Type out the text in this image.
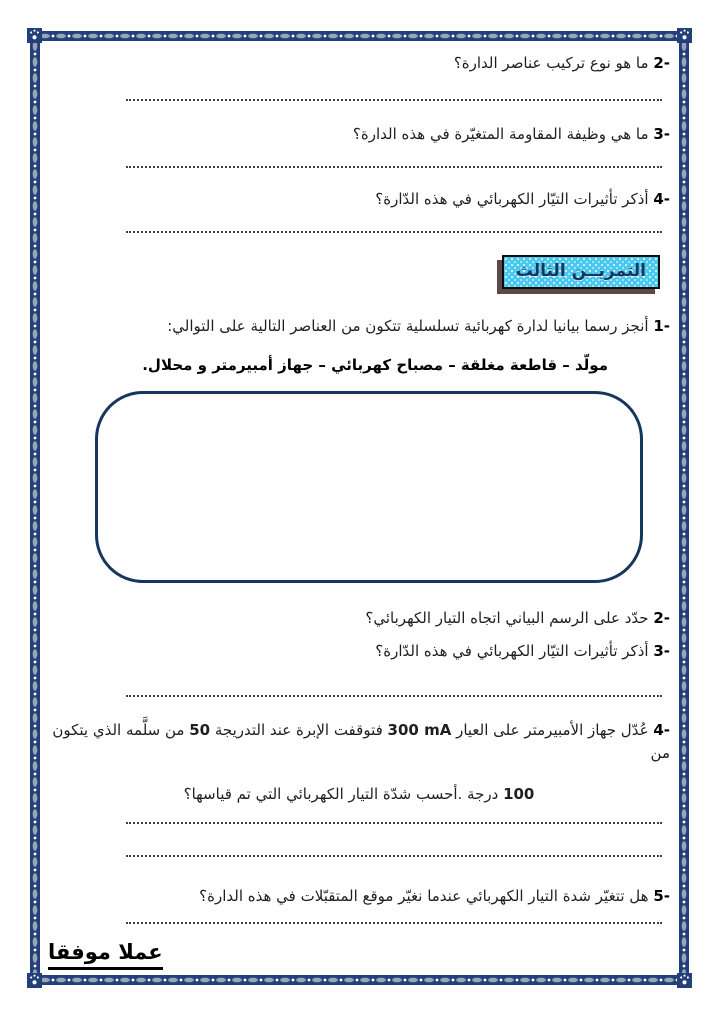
2- ما هو نوع تركيب عناصر الدارة؟
3- ما هي وظيفة المقاومة المتغيّرة في هذه الدارة؟
4- أذكر تأثيرات التيّار الكهربائي في هذه الدّارة؟
التمريــن الثالث
1- أنجز رسما بيانيا لدارة كهربائية تسلسلية تتكون من العناصر التالية على التوالي:
مولّد – قاطعة مغلقة – مصباح كهربائي – جهاز أمبيرمتر و محلال.
2- حدّد على الرسم البياني اتجاه التيار الكهربائي؟
3- أذكر تأثيرات التيّار الكهربائي في هذه الدّارة؟
4- عُدّل جهاز الأمبيرمتر على العيار 300 mA فتوقفت الإبرة عند التدريجة 50 من سلَّمه الذي يتكون من
100 درجة .أحسب شدّة التيار الكهربائي التي تم قياسها؟
5- هل تتغيّر شدة التيار الكهربائي عندما نغيّر موقع المتقبّلات في هذه الدارة؟
عملا موفقا
